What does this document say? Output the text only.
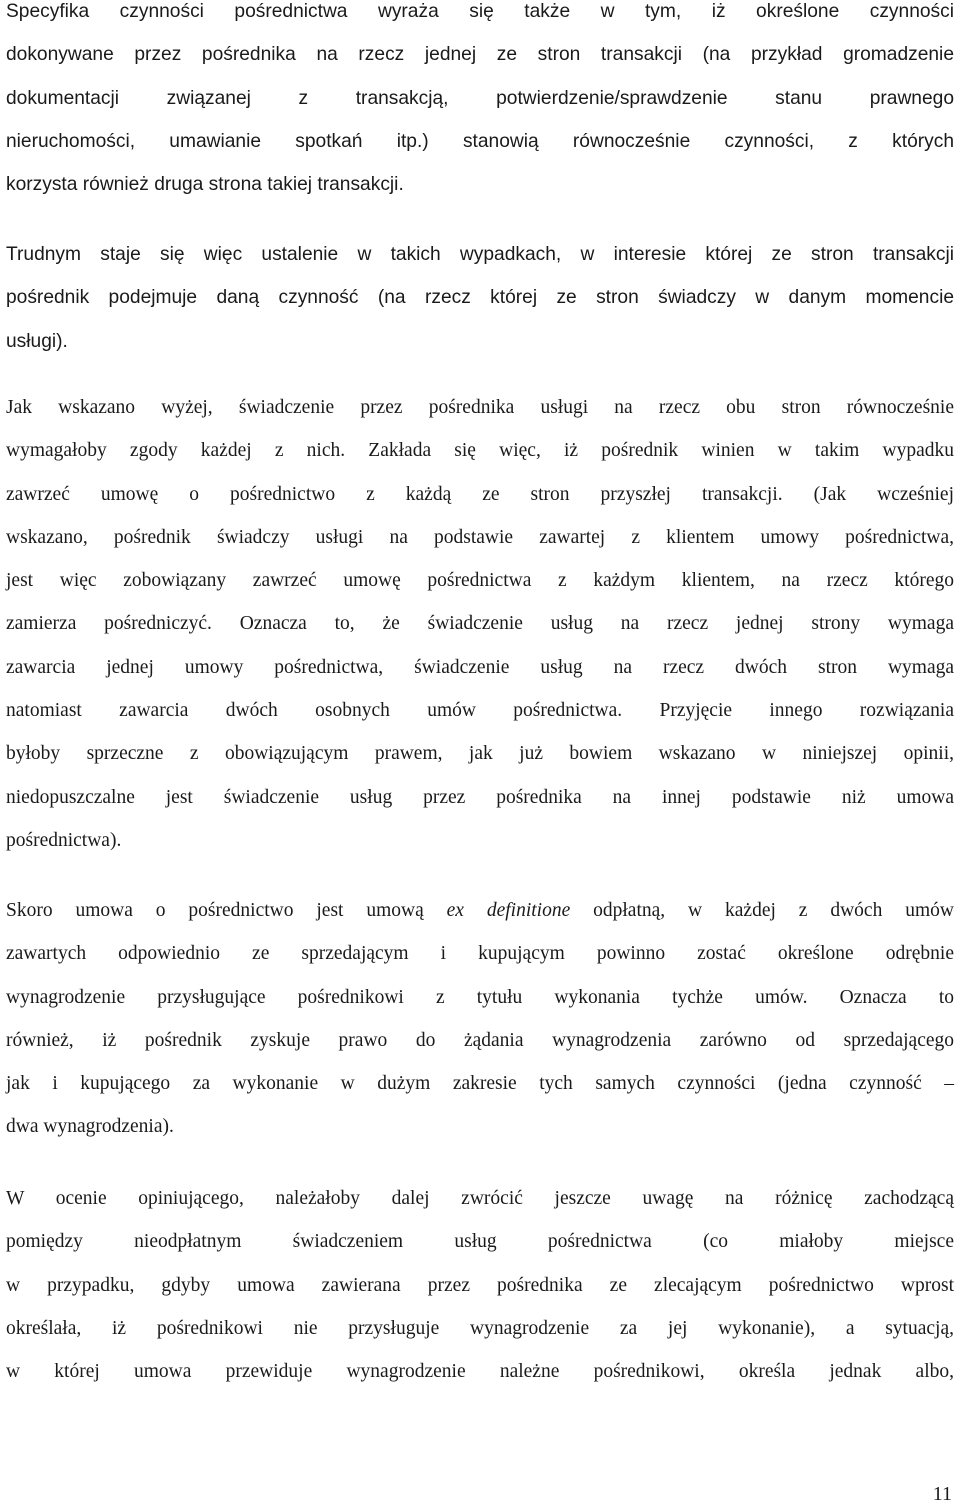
Specyfika czynności pośrednictwa wyraża się także w tym, iż określone czynności
dokonywane przez pośrednika na rzecz jednej ze stron transakcji (na przykład gromadzenie
dokumentacji związanej z transakcją, potwierdzenie/sprawdzenie stanu prawnego
nieruchomości, umawianie spotkań itp.) stanowią równocześnie czynności, z których
korzysta również druga strona takiej transakcji.

Trudnym staje się więc ustalenie w takich wypadkach, w interesie której ze stron transakcji
pośrednik podejmuje daną czynność (na rzecz której ze stron świadczy w danym momencie
usługi).

Jak wskazano wyżej, świadczenie przez pośrednika usługi na rzecz obu stron równocześnie
wymagałoby zgody każdej z nich. Zakłada się więc, iż pośrednik winien w takim wypadku
zawrzeć umowę o pośrednictwo z każdą ze stron przyszłej transakcji. (Jak wcześniej
wskazano, pośrednik świadczy usługi na podstawie zawartej z klientem umowy pośrednictwa,
jest więc zobowiązany zawrzeć umowę pośrednictwa z każdym klientem, na rzecz którego
zamierza pośredniczyć. Oznacza to, że świadczenie usług na rzecz jednej strony wymaga
zawarcia jednej umowy pośrednictwa, świadczenie usług na rzecz dwóch stron wymaga
natomiast zawarcia dwóch osobnych umów pośrednictwa. Przyjęcie innego rozwiązania
byłoby sprzeczne z obowiązującym prawem, jak już bowiem wskazano w niniejszej opinii,
niedopuszczalne jest świadczenie usług przez pośrednika na innej podstawie niż umowa
pośrednictwa).

Skoro umowa o pośrednictwo jest umową ex definitione odpłatną, w każdej z dwóch umów
zawartych odpowiednio ze sprzedającym i kupującym powinno zostać określone odrębnie
wynagrodzenie przysługujące pośrednikowi z tytułu wykonania tychże umów. Oznacza to
również, iż pośrednik zyskuje prawo do żądania wynagrodzenia zarówno od sprzedającego
jak i kupującego za wykonanie w dużym zakresie tych samych czynności (jedna czynność –
dwa wynagrodzenia).

W ocenie opiniującego, należałoby dalej zwrócić jeszcze uwagę na różnicę zachodzącą
pomiędzy nieodpłatnym świadczeniem usług pośrednictwa (co miałoby miejsce
w przypadku, gdyby umowa zawierana przez pośrednika ze zlecającym pośrednictwo wprost
określała, iż pośrednikowi nie przysługuje wynagrodzenie za jej wykonanie), a sytuacją,
w której umowa przewiduje wynagrodzenie należne pośrednikowi, określa jednak albo,

11
